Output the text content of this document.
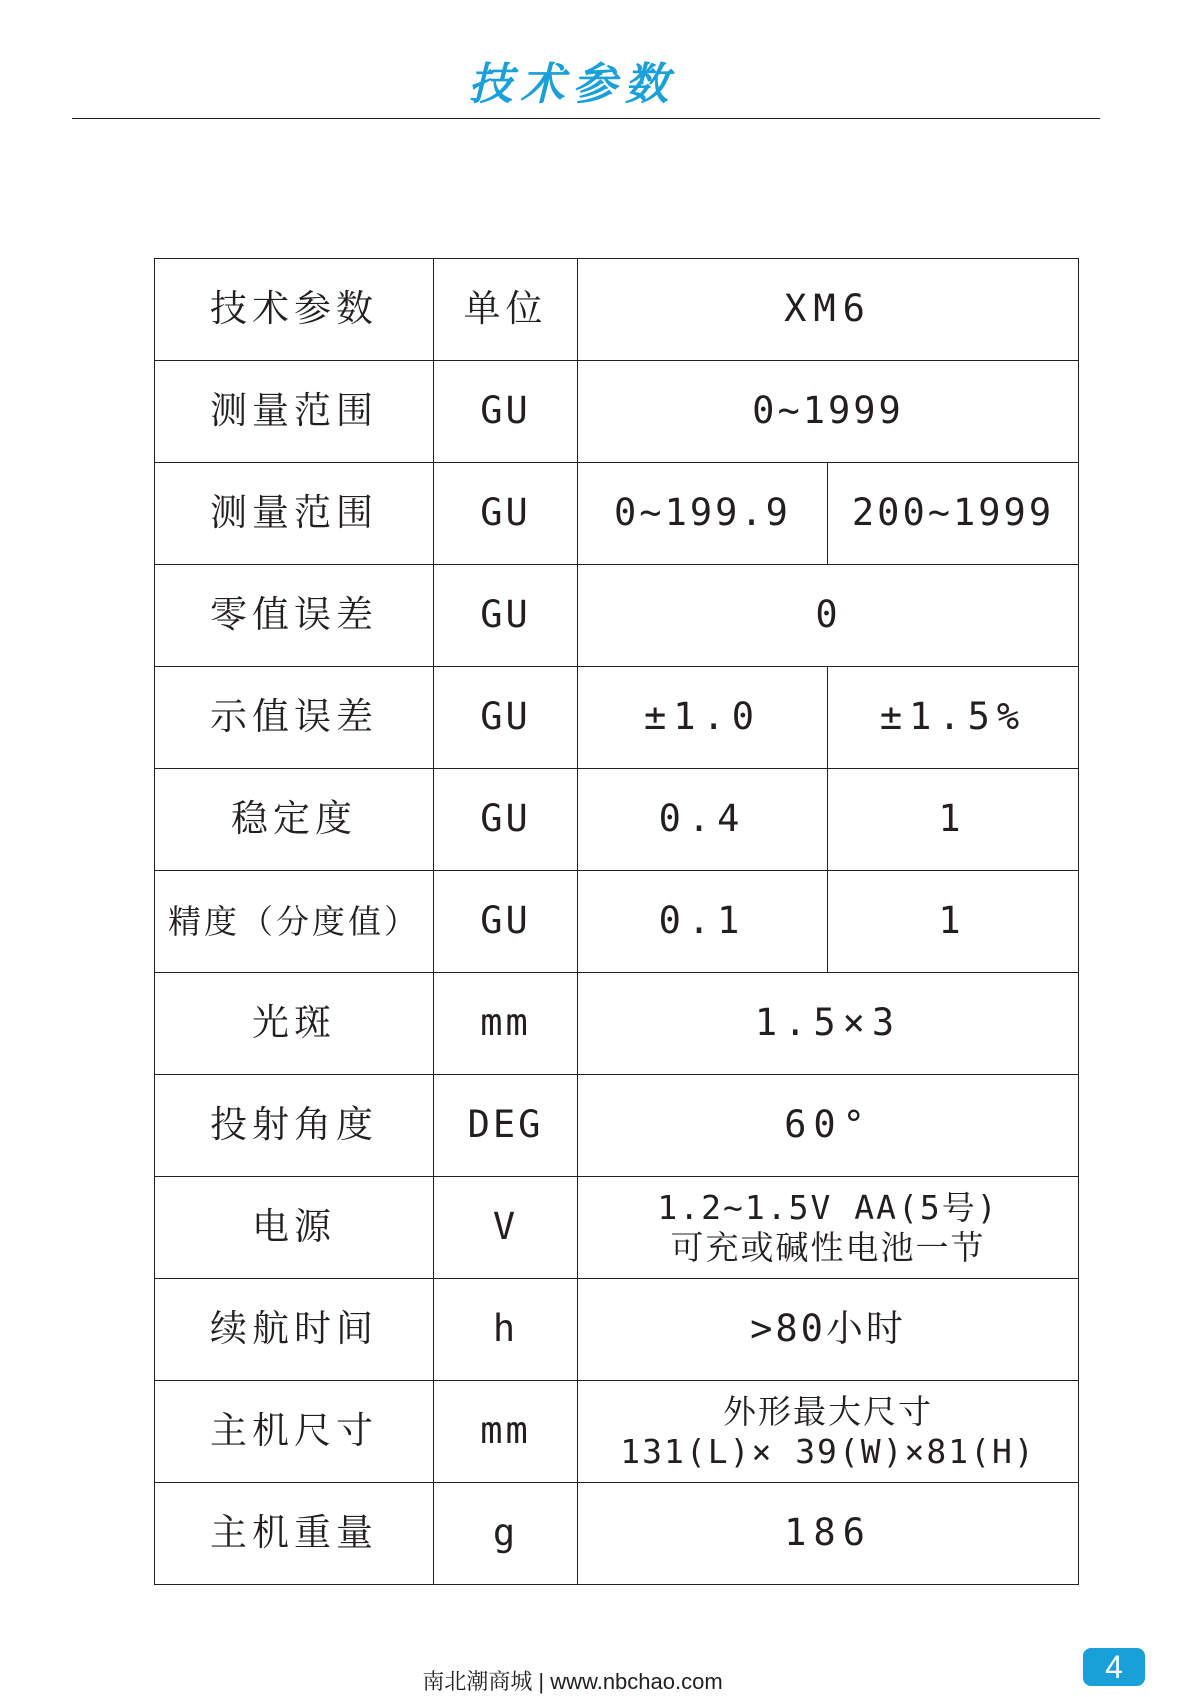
技术参数
技术参数	单位	XM6	
测量范围	GU	0~1999	
测量范围	GU	0~199.9	200~1999
零值误差	GU	0	
示值误差	GU	±1.0	±1.5%
稳定度	GU	0.4	1
精度（分度值）	GU	0.1	1
光斑	mm	1.5×3	
投射角度	DEG	60°	
电源	V	1.2~1.5V AA(5号)
可充或碱性电池一节	

续航时间	h	>80小时	
主机尺寸	mm	外形最大尺寸
131(L)× 39(W)×81(H)	

主机重量	g	186	
南北潮商城 | www.nbchao.com	4
